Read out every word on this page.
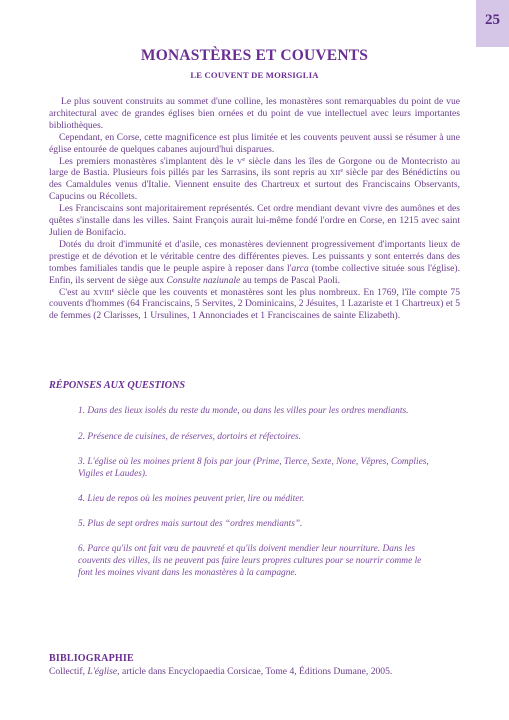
25
MONASTÈRES ET COUVENTS
LE COUVENT DE MORSIGLIA

Le plus souvent construits au sommet d'une colline, les monastères sont remarquables du point de vue architectural avec de grandes églises bien ornées et du point de vue intellectuel avec leurs importantes bibliothèques.

Cependant, en Corse, cette magnificence est plus limitée et les couvents peuvent aussi se résumer à une église entourée de quelques cabanes aujourd'hui disparues.

Les premiers monastères s'implantent dès le Ve siècle dans les îles de Gorgone ou de Montecristo au large de Bastia. Plusieurs fois pillés par les Sarrasins, ils sont repris au XIIe siècle par des Bénédictins ou des Camaldules venus d'Italie. Viennent ensuite des Chartreux et surtout des Franciscains Observants, Capucins ou Récollets.

Les Franciscains sont majoritairement représentés. Cet ordre mendiant devant vivre des aumônes et des quêtes s'installe dans les villes. Saint François aurait lui-même fondé l'ordre en Corse, en 1215 avec saint Julien de Bonifacio.

Dotés du droit d'immunité et d'asile, ces monastères deviennent progressivement d'importants lieux de prestige et de dévotion et le véritable centre des différentes pieves. Les puissants y sont enterrés dans des tombes familiales tandis que le peuple aspire à reposer dans l'arca (tombe collective située sous l'église). Enfin, ils servent de siège aux Consulte naziunale au temps de Pascal Paoli.

C'est au XVIIIe siècle que les couvents et monastères sont les plus nombreux. En 1769, l'île compte 75 couvents d'hommes (64 Franciscains, 5 Servites, 2 Dominicains, 2 Jésuites, 1 Lazariste et 1 Chartreux) et 5 de femmes (2 Clarisses, 1 Ursulines, 1 Annonciades et 1 Franciscaines de sainte Elizabeth).

RÉPONSES AUX QUESTIONS
1. Dans des lieux isolés du reste du monde, ou dans les villes pour les ordres mendiants.
2. Présence de cuisines, de réserves, dortoirs et réfectoires.
3. L'église où les moines prient 8 fois par jour (Prime, Tierce, Sexte, None, Vêpres, Complies, Vigiles et Laudes).
4. Lieu de repos où les moines peuvent prier, lire ou méditer.
5. Plus de sept ordres mais surtout des “ordres mendiants”.
6. Parce qu'ils ont fait vœu de pauvreté et qu'ils doivent mendier leur nourriture. Dans les couvents des villes, ils ne peuvent pas faire leurs propres cultures pour se nourrir comme le font les moines vivant dans les monastères à la campagne.
BIBLIOGRAPHIE
Collectif, L'église, article dans Encyclopaedia Corsicae, Tome 4, Éditions Dumane, 2005.
